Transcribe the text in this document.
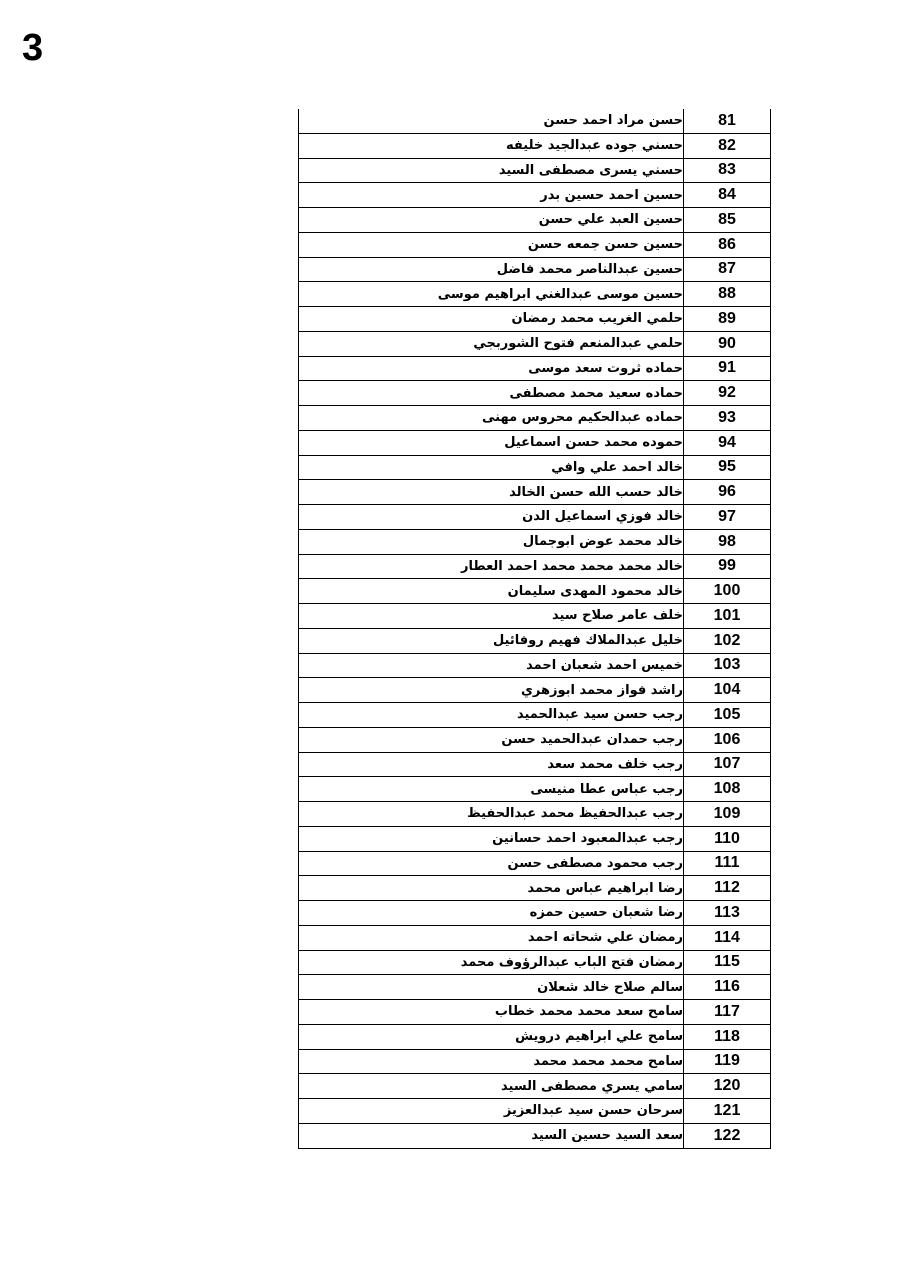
3
حسن مراد احمد حسن	81
حسني جوده عبدالجيد خليفه	82
حسني يسرى مصطفى السيد	83
حسين احمد حسين بدر	84
حسين العبد علي حسن	85
حسين حسن جمعه حسن	86
حسين عبدالناصر محمد فاضل	87
حسين موسى عبدالغني ابراهيم موسى	88
حلمي الغريب محمد رمضان	89
حلمي عبدالمنعم فتوح الشوربجي	90
حماده ثروت سعد موسى	91
حماده سعيد محمد مصطفى	92
حماده عبدالحكيم محروس مهنى	93
حموده محمد حسن اسماعيل	94
خالد احمد علي وافي	95
خالد حسب الله حسن الخالد	96
خالد فوزي اسماعيل الدن	97
خالد محمد عوض ابوجمال	98
خالد محمد محمد محمد احمد العطار	99
خالد محمود المهدى سليمان	100
خلف عامر صلاح سيد	101
خليل عبدالملاك فهيم روفائيل	102
خميس احمد شعبان احمد	103
راشد فواز محمد ابوزهري	104
رجب حسن سيد عبدالحميد	105
رجب حمدان عبدالحميد حسن	106
رجب خلف محمد سعد	107
رجب عباس عطا منيسى	108
رجب عبدالحفيظ محمد عبدالحفيظ	109
رجب عبدالمعبود احمد حسانين	110
رجب محمود مصطفى حسن	111
رضا ابراهيم عباس محمد	112
رضا شعبان حسين حمزه	113
رمضان علي شحاته احمد	114
رمضان فتح الباب عبدالرؤوف محمد	115
سالم صلاح خالد شعلان	116
سامح سعد محمد محمد خطاب	117
سامح علي ابراهيم درويش	118
سامح محمد محمد محمد	119
سامي يسري مصطفى السيد	120
سرحان حسن سيد عبدالعزيز	121
سعد السيد حسين السيد	122
